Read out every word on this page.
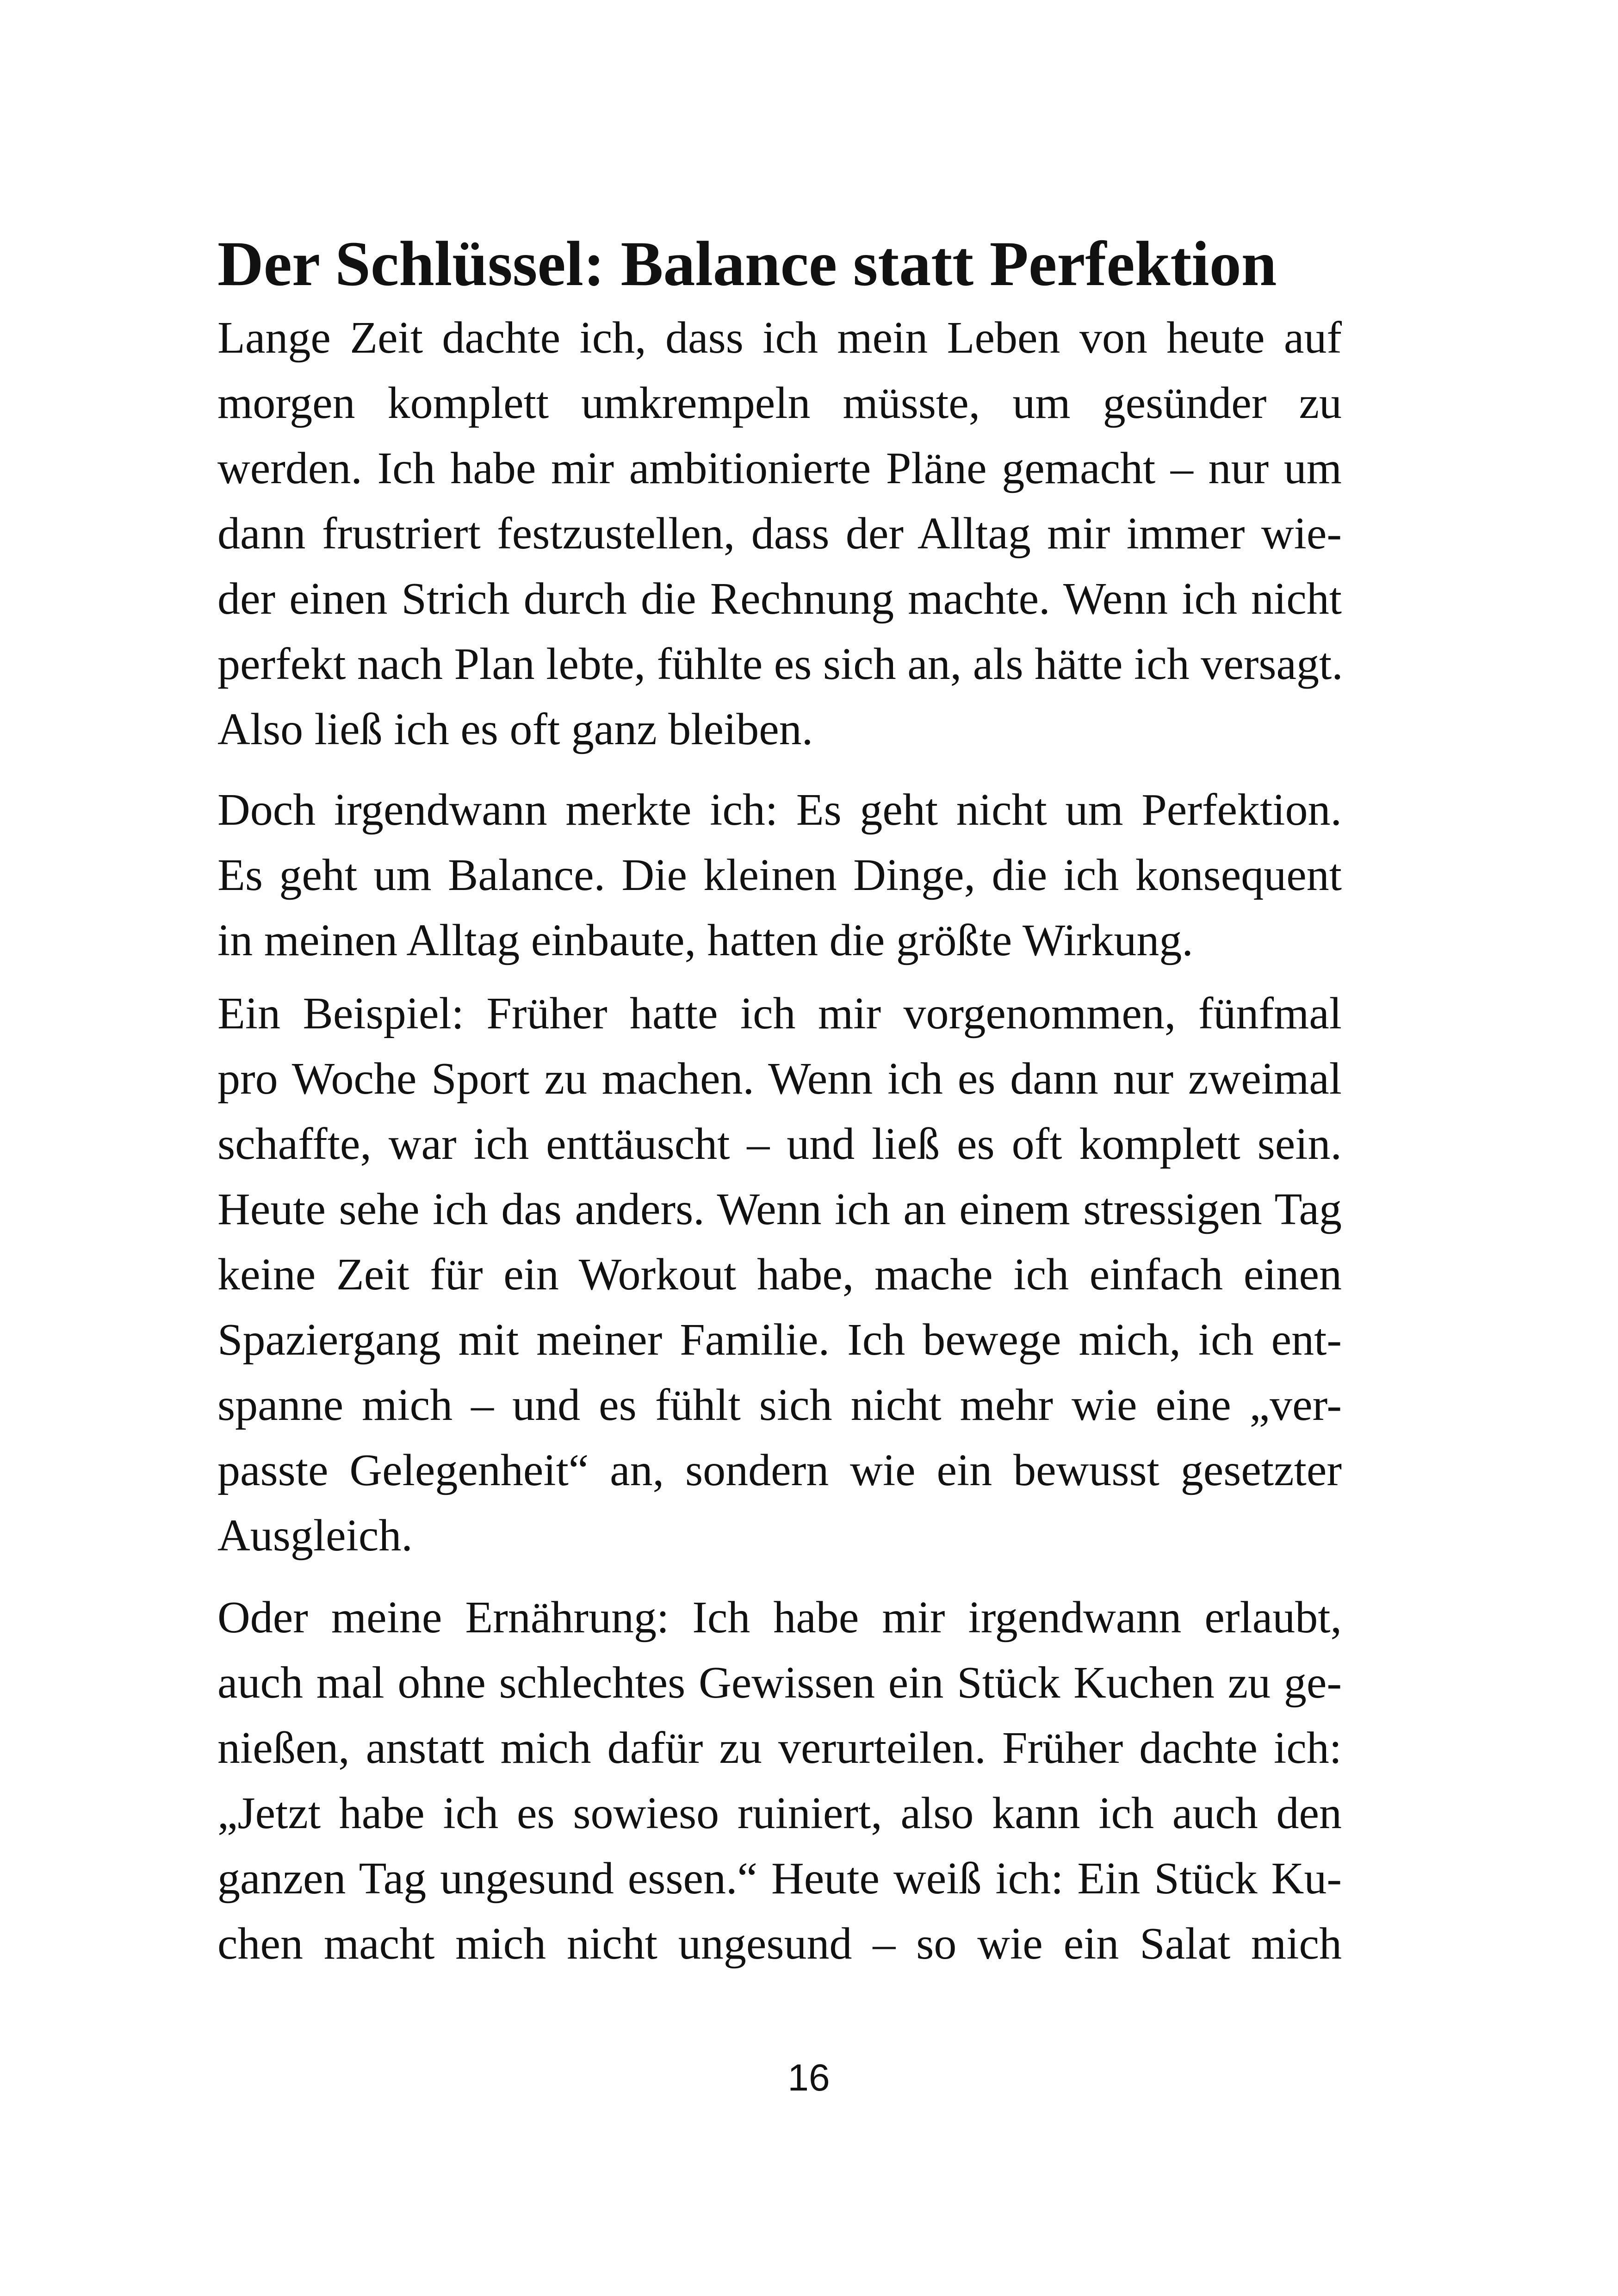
Der Schlüssel: Balance statt Perfektion
Lange Zeit dachte ich, dass ich mein Leben von heute auf
morgen komplett umkrempeln müsste, um gesünder zu
werden. Ich habe mir ambitionierte Pläne gemacht – nur um
dann frustriert festzustellen, dass der Alltag mir immer wie-
der einen Strich durch die Rechnung machte. Wenn ich nicht
perfekt nach Plan lebte, fühlte es sich an, als hätte ich versagt.
Also ließ ich es oft ganz bleiben.
Doch irgendwann merkte ich: Es geht nicht um Perfektion.
Es geht um Balance. Die kleinen Dinge, die ich konsequent
in meinen Alltag einbaute, hatten die größte Wirkung.
Ein Beispiel: Früher hatte ich mir vorgenommen, fünfmal
pro Woche Sport zu machen. Wenn ich es dann nur zweimal
schaffte, war ich enttäuscht – und ließ es oft komplett sein.
Heute sehe ich das anders. Wenn ich an einem stressigen Tag
keine Zeit für ein Workout habe, mache ich einfach einen
Spaziergang mit meiner Familie. Ich bewege mich, ich ent-
spanne mich – und es fühlt sich nicht mehr wie eine „ver-
passte Gelegenheit“ an, sondern wie ein bewusst gesetzter
Ausgleich.
Oder meine Ernährung: Ich habe mir irgendwann erlaubt,
auch mal ohne schlechtes Gewissen ein Stück Kuchen zu ge-
nießen, anstatt mich dafür zu verurteilen. Früher dachte ich:
„Jetzt habe ich es sowieso ruiniert, also kann ich auch den
ganzen Tag ungesund essen.“ Heute weiß ich: Ein Stück Ku-
chen macht mich nicht ungesund – so wie ein Salat mich
16
